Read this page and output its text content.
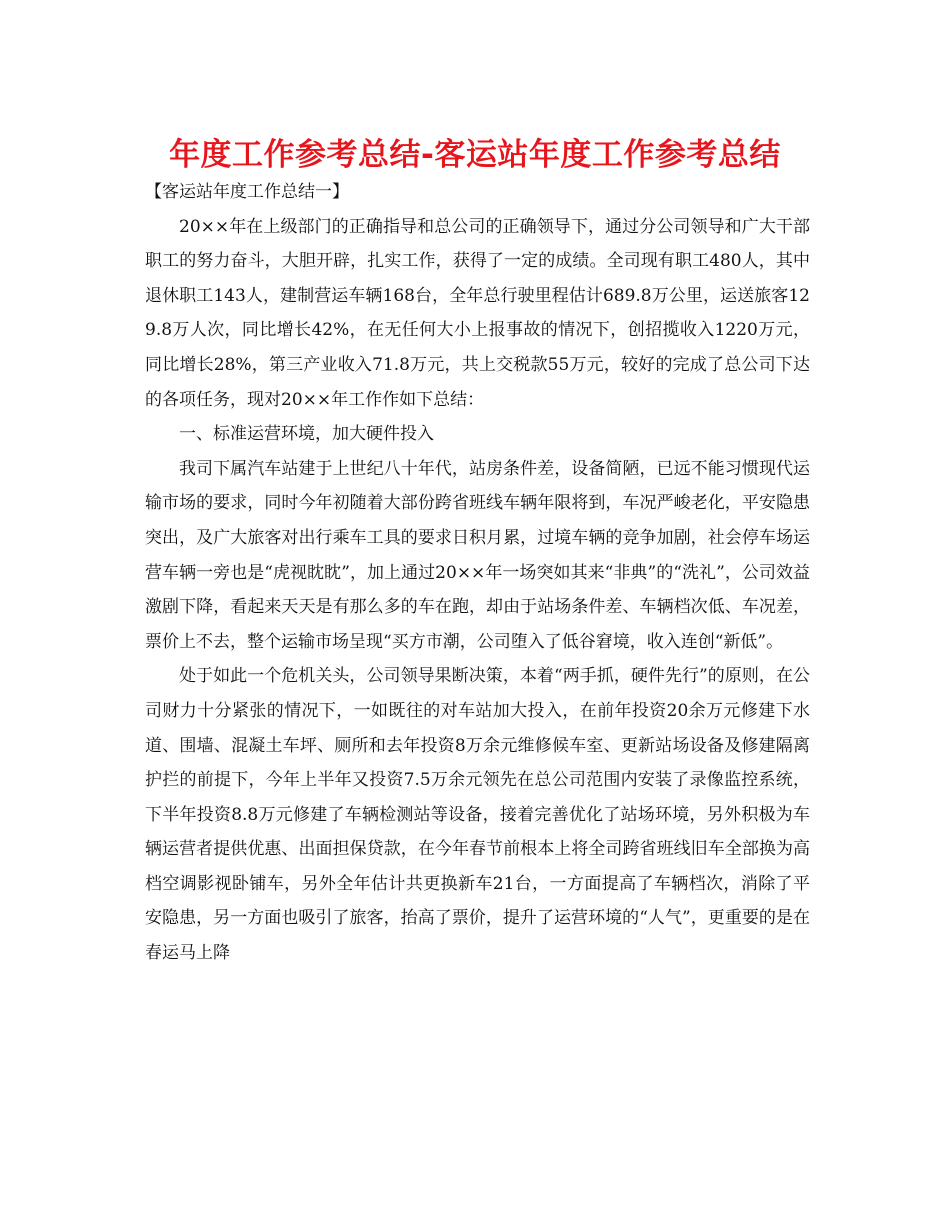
年度工作参考总结-客运站年度工作参考总结

【客运站年度工作总结一】

20××年在上级部门的正确指导和总公司的正确领导下，通过分公司领导和广大干部职工的努力奋斗，大胆开辟，扎实工作，获得了一定的成绩。全司现有职工480人，其中退休职工143人，建制营运车辆168台，全年总行驶里程估计689.8万公里，运送旅客129.8万人次，同比增长42%，在无任何大小上报事故的情况下，创招揽收入1220万元，同比增长28%，第三产业收入71.8万元，共上交税款55万元，较好的完成了总公司下达的各项任务，现对20××年工作作如下总结：

一、标准运营环境，加大硬件投入

我司下属汽车站建于上世纪八十年代，站房条件差，设备简陋，已远不能习惯现代运输市场的要求，同时今年初随着大部份跨省班线车辆年限将到，车况严峻老化，平安隐患突出，及广大旅客对出行乘车工具的要求日积月累，过境车辆的竞争加剧，社会停车场运营车辆一旁也是“虎视眈眈”，加上通过20××年一场突如其来“非典”的“洗礼”，公司效益激剧下降，看起来天天是有那么多的车在跑，却由于站场条件差、车辆档次低、车况差，票价上不去，整个运输市场呈现“买方市潮，公司堕入了低谷窘境，收入连创“新低”。

处于如此一个危机关头，公司领导果断决策，本着“两手抓，硬件先行”的原则，在公司财力十分紧张的情况下，一如既往的对车站加大投入，在前年投资20余万元修建下水道、围墙、混凝土车坪、厕所和去年投资8万余元维修候车室、更新站场设备及修建隔离护拦的前提下，今年上半年又投资7.5万余元领先在总公司范围内安装了录像监控系统，下半年投资8.8万元修建了车辆检测站等设备，接着完善优化了站场环境，另外积极为车辆运营者提供优惠、出面担保贷款，在今年春节前根本上将全司跨省班线旧车全部换为高档空调影视卧铺车，另外全年估计共更换新车21台，一方面提高了车辆档次，消除了平安隐患，另一方面也吸引了旅客，抬高了票价，提升了运营环境的“人气”，更重要的是在春运马上降
